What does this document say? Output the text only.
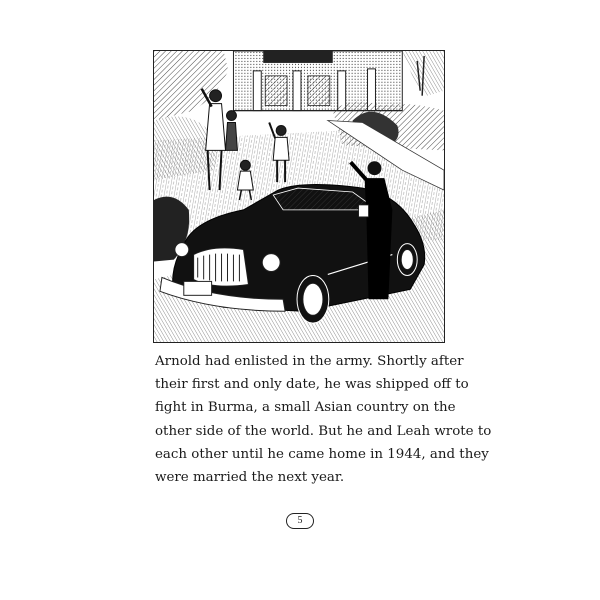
Arnold had enlisted in the army. Shortly after
their first and only date, he was shipped off to
fight in Burma, a small Asian country on the
other side of the world. But he and Leah wrote to
each other until he came home in 1944, and they
were married the next year.

5
